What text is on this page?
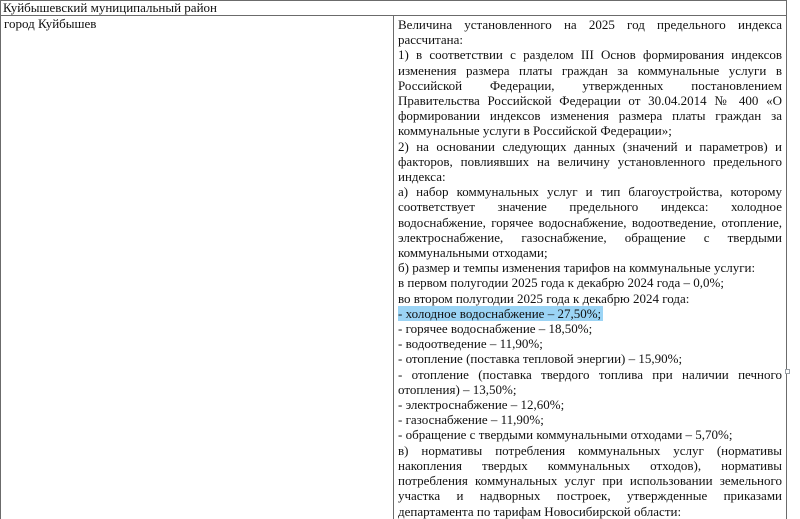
Куйбышевский муниципальный район
город Куйбышев	Величина установленного на 2025 год предельного индекса рассчитана:

1) в соответствии с разделом III Основ формирования индексов изменения размера платы граждан за коммунальные услуги в Российской Федерации, утвержденных постановлением Правительства Российской Федерации от 30.04.2014 № 400 «О формировании индексов изменения размера платы граждан за коммунальные услуги в Российской Федерации»;

2) на основании следующих данных (значений и параметров) и факторов, повлиявших на величину установленного предельного индекса:

а) набор коммунальных услуг и тип благоустройства, которому соответствует значение предельного индекса: холодное водоснабжение, горячее водоснабжение, водоотведение, отопление, электроснабжение, газоснабжение, обращение с твердыми коммунальными отходами;

б) размер и темпы изменения тарифов на коммунальные услуги:

в первом полугодии 2025 года к декабрю 2024 года – 0,0%;

во втором полугодии 2025 года к декабрю 2024 года:

- холодное водоснабжение – 27,50%;

- горячее водоснабжение – 18,50%;

- водоотведение – 11,90%;

- отопление (поставка тепловой энергии) – 15,90%;

- отопление (поставка твердого топлива при наличии печного отопления) – 13,50%;

- электроснабжение – 12,60%;

- газоснабжение – 11,90%;

- обращение с твердыми коммунальными отходами – 5,70%;

в) нормативы потребления коммунальных услуг (нормативы накопления твердых коммунальных отходов), нормативы потребления коммунальных услуг при использовании земельного участка и надворных построек, утвержденные приказами департамента по тарифам Новосибирской области:
